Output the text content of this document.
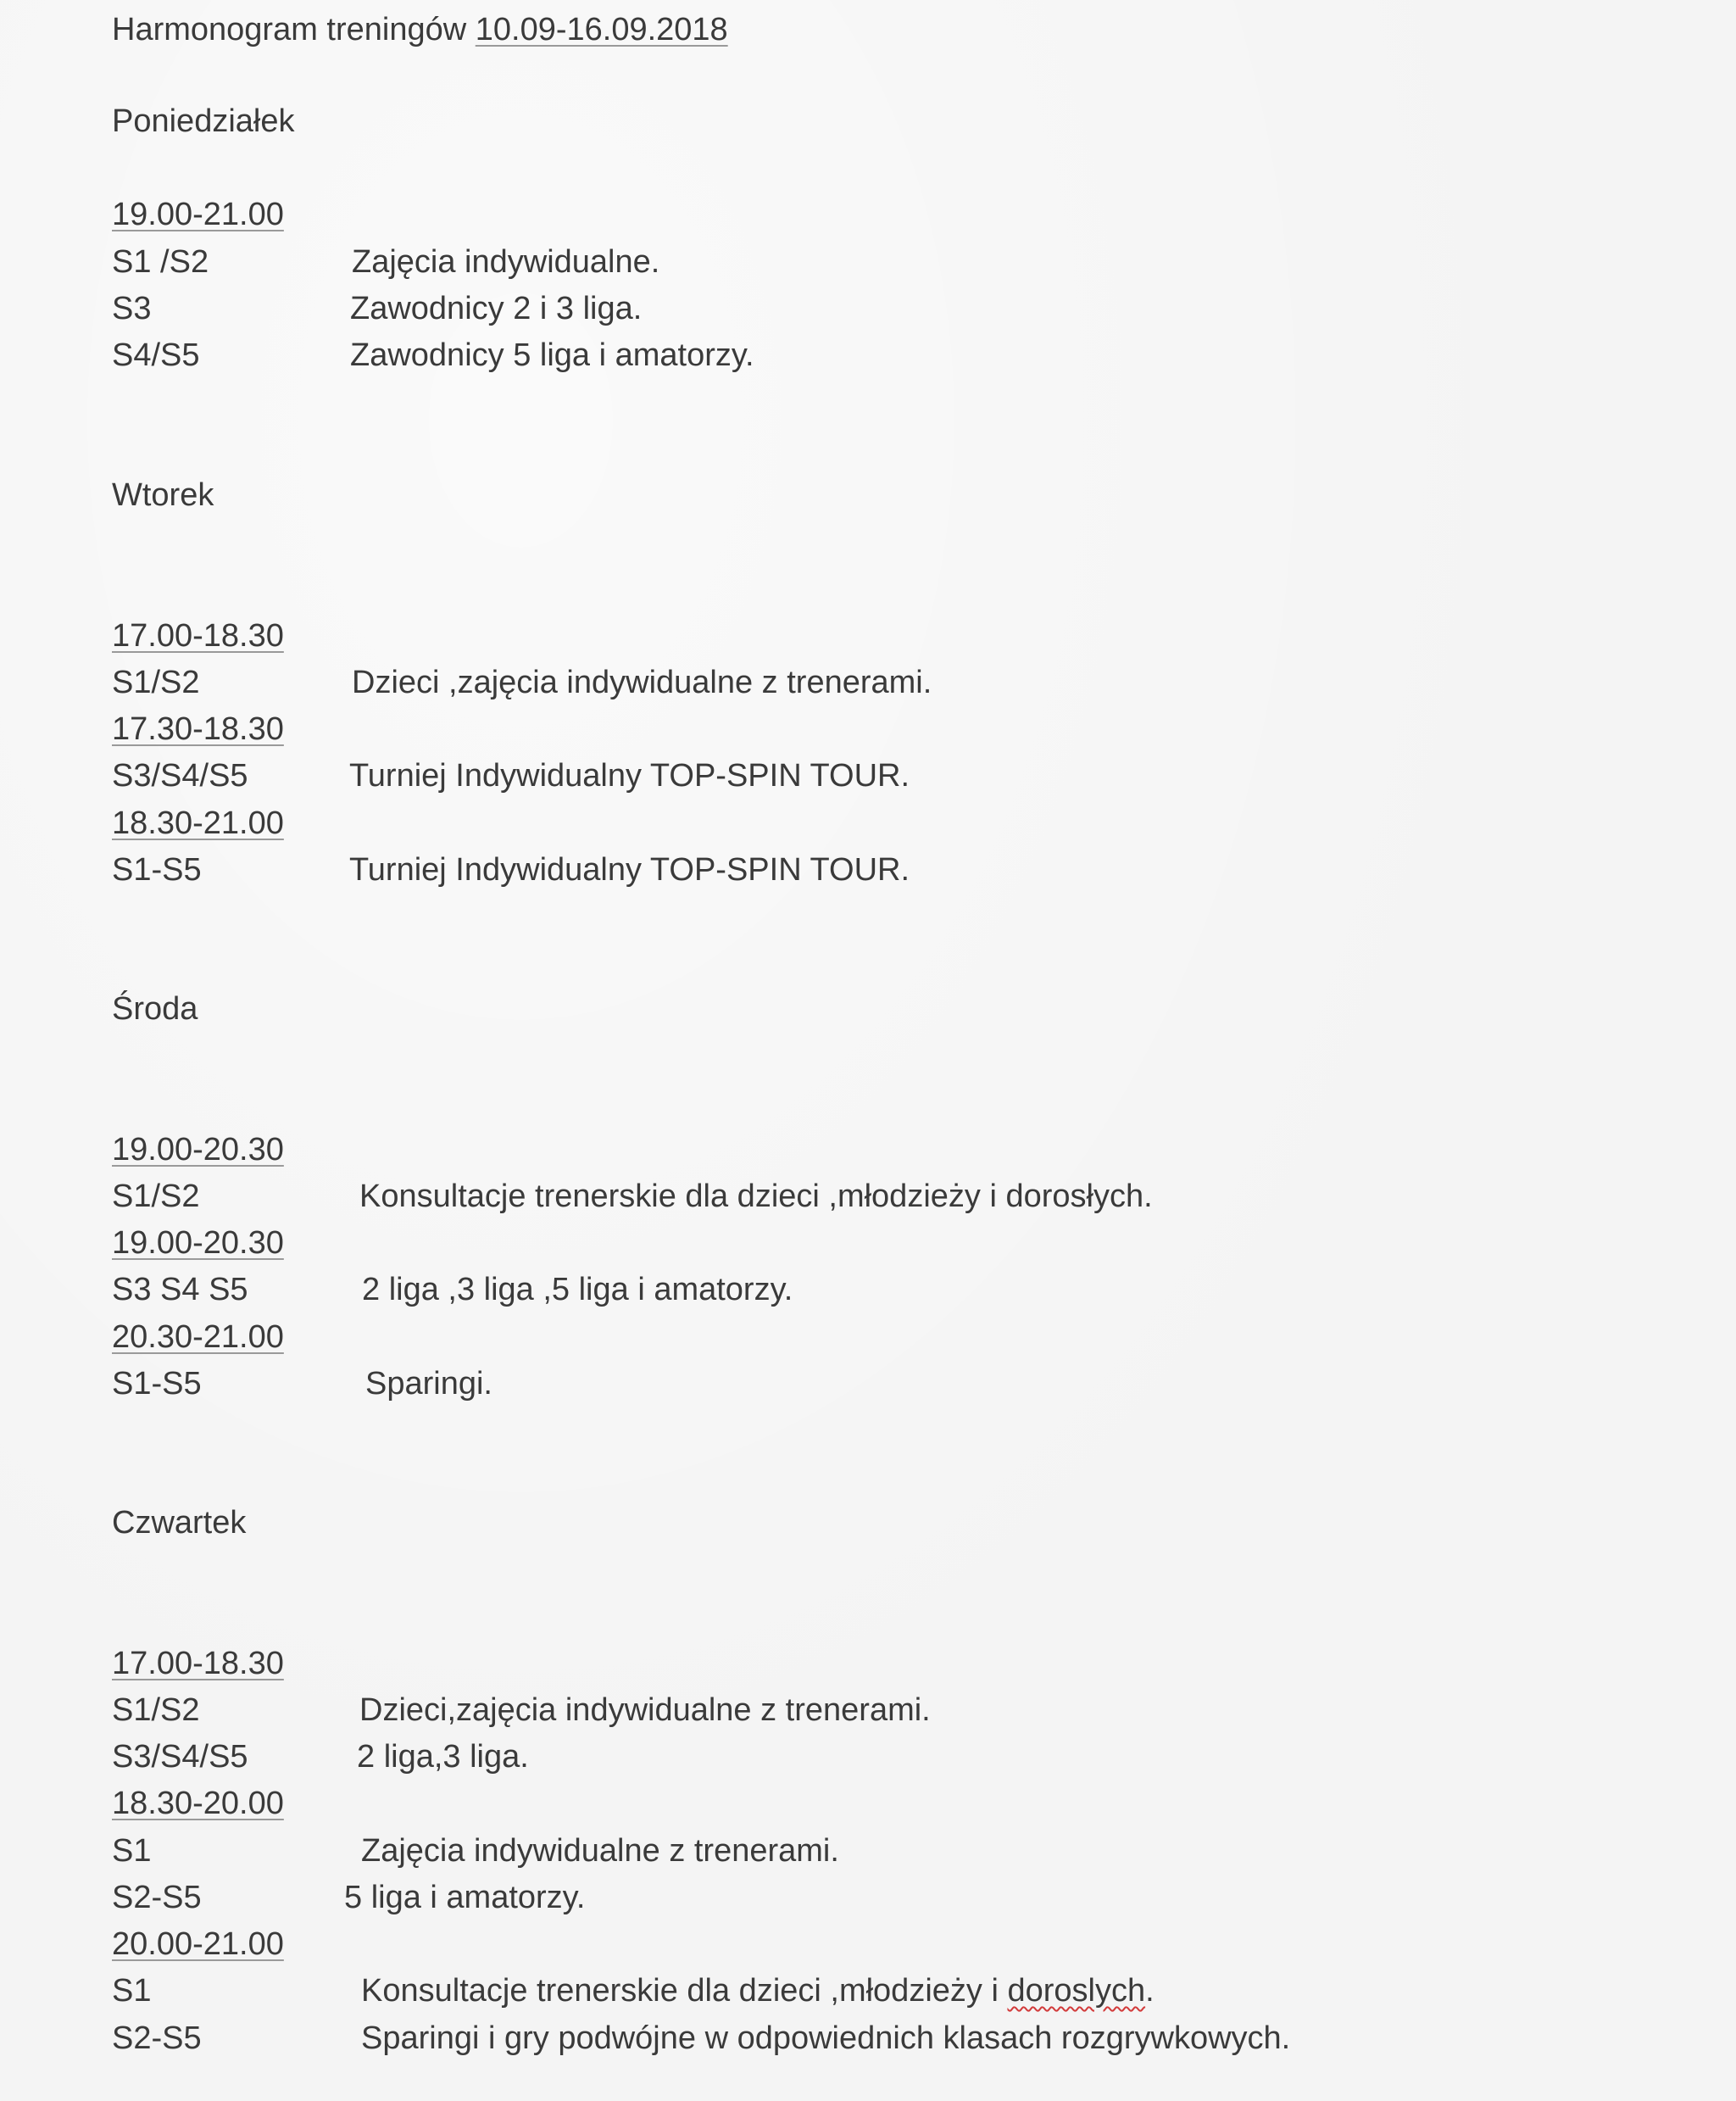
Harmonogram treningów 10.09-16.09.2018
Poniedziałek
19.00-21.00
S1 /S2	Zajęcia indywidualne.
S3	Zawodnicy 2 i 3 liga.
S4/S5	Zawodnicy 5 liga i amatorzy.
Wtorek
17.00-18.30
S1/S2	Dzieci ,zajęcia indywidualne z trenerami.
17.30-18.30
S3/S4/S5	Turniej Indywidualny TOP-SPIN TOUR.
18.30-21.00
S1-S5	Turniej Indywidualny TOP-SPIN TOUR.
Środa
19.00-20.30
S1/S2	Konsultacje trenerskie dla dzieci ,młodzieży i dorosłych.
19.00-20.30
S3 S4 S5	2 liga ,3 liga ,5 liga i amatorzy.
20.30-21.00
S1-S5	Sparingi.
Czwartek
17.00-18.30
S1/S2	Dzieci,zajęcia indywidualne z trenerami.
S3/S4/S5	2 liga,3 liga.
18.30-20.00
S1	Zajęcia indywidualne z trenerami.
S2-S5	5 liga i amatorzy.
20.00-21.00
S1	Konsultacje trenerskie dla dzieci ,młodzieży i doroslych.
S2-S5	Sparingi i gry podwójne w odpowiednich klasach rozgrywkowych.
